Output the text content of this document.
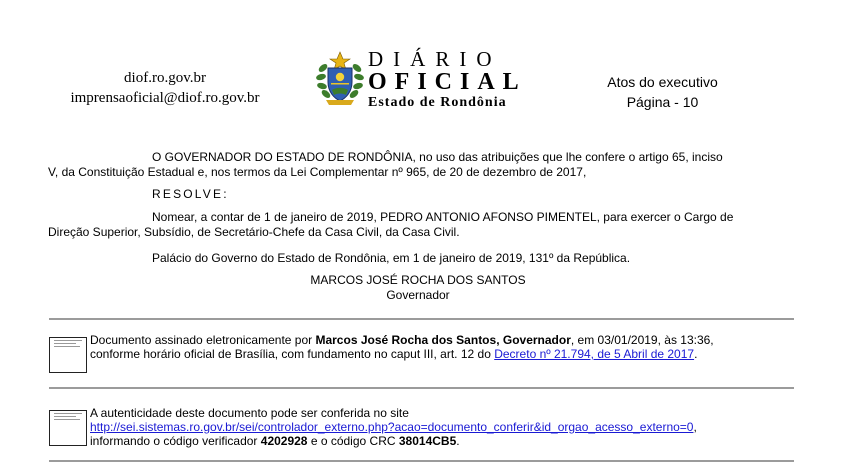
diof.ro.gov.br
imprensaoficial@diof.ro.gov.br
DIÁRIO
OFICIAL
Estado de Rondônia
Atos do executivo
Página - 10
O GOVERNADOR DO ESTADO DE RONDÔNIA, no uso das atribuições que lhe confere o artigo 65, inciso
V, da Constituição Estadual e, nos termos da Lei Complementar nº 965, de 20 de dezembro de 2017,
RESOLVE:
Nomear, a contar de 1 de janeiro de 2019, PEDRO ANTONIO AFONSO PIMENTEL, para exercer o Cargo de
Direção Superior, Subsídio, de Secretário-Chefe da Casa Civil, da Casa Civil.
Palácio do Governo do Estado de Rondônia, em 1 de janeiro de 2019, 131º da República.
MARCOS JOSÉ ROCHA DOS SANTOS
Governador
Documento assinado eletronicamente por Marcos José Rocha dos Santos, Governador, em 03/01/2019, às 13:36,
conforme horário oficial de Brasília, com fundamento no caput III, art. 12 do Decreto nº 21.794, de 5 Abril de 2017.
A autenticidade deste documento pode ser conferida no site
http://sei.sistemas.ro.gov.br/sei/controlador_externo.php?acao=documento_conferir&id_orgao_acesso_externo=0,
informando o código verificador 4202928 e o código CRC 38014CB5.
